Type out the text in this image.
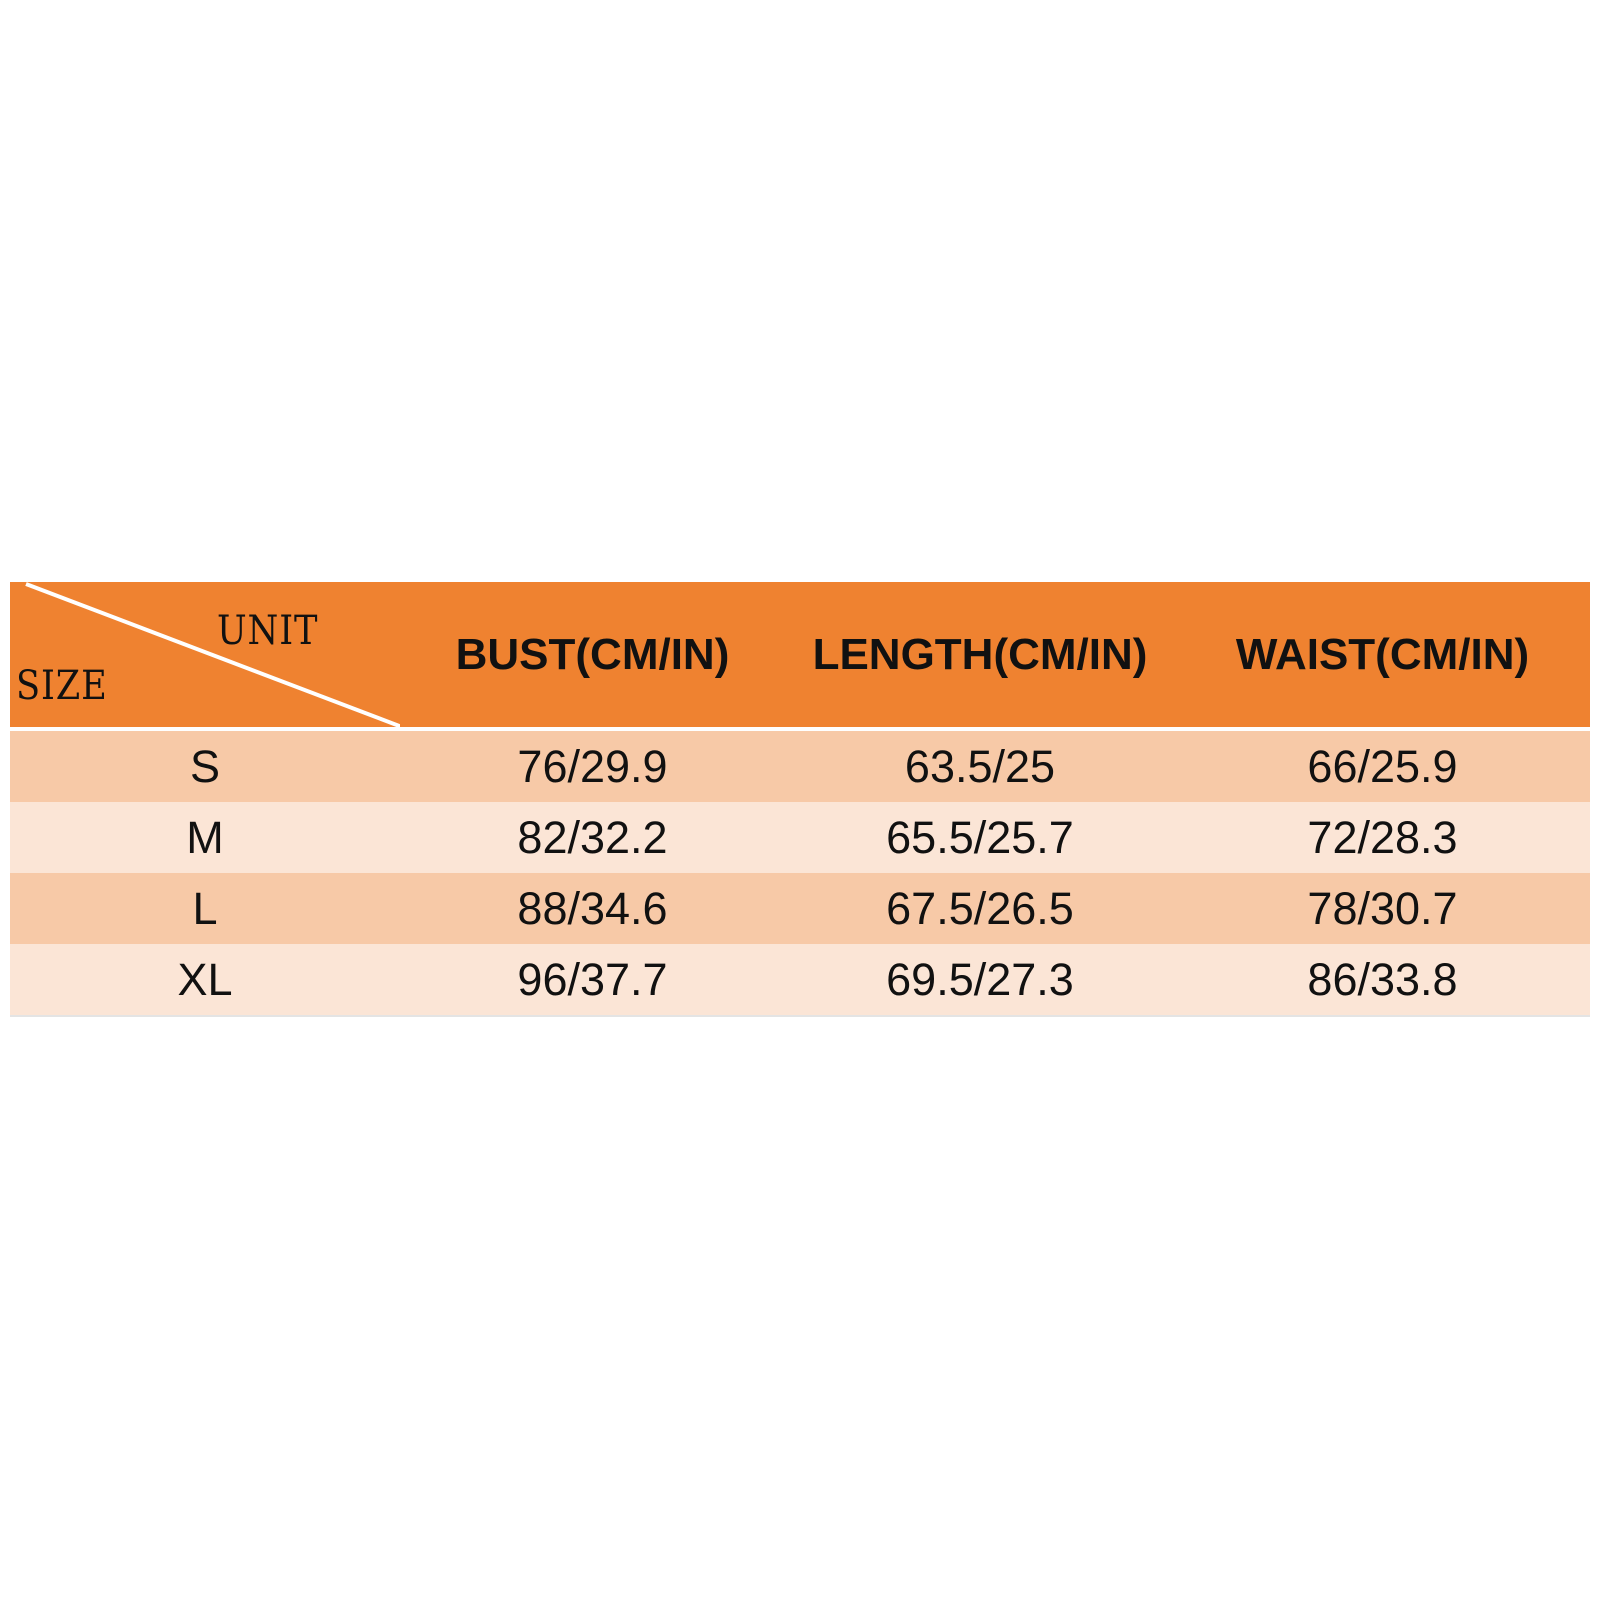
UNIT
SIZE
BUST(CM/IN)	LENGTH(CM/IN)	WAIST(CM/IN)
S	76/29.9	63.5/25	66/25.9
M	82/32.2	65.5/25.7	72/28.3
L	88/34.6	67.5/26.5	78/30.7
XL	96/37.7	69.5/27.3	86/33.8
